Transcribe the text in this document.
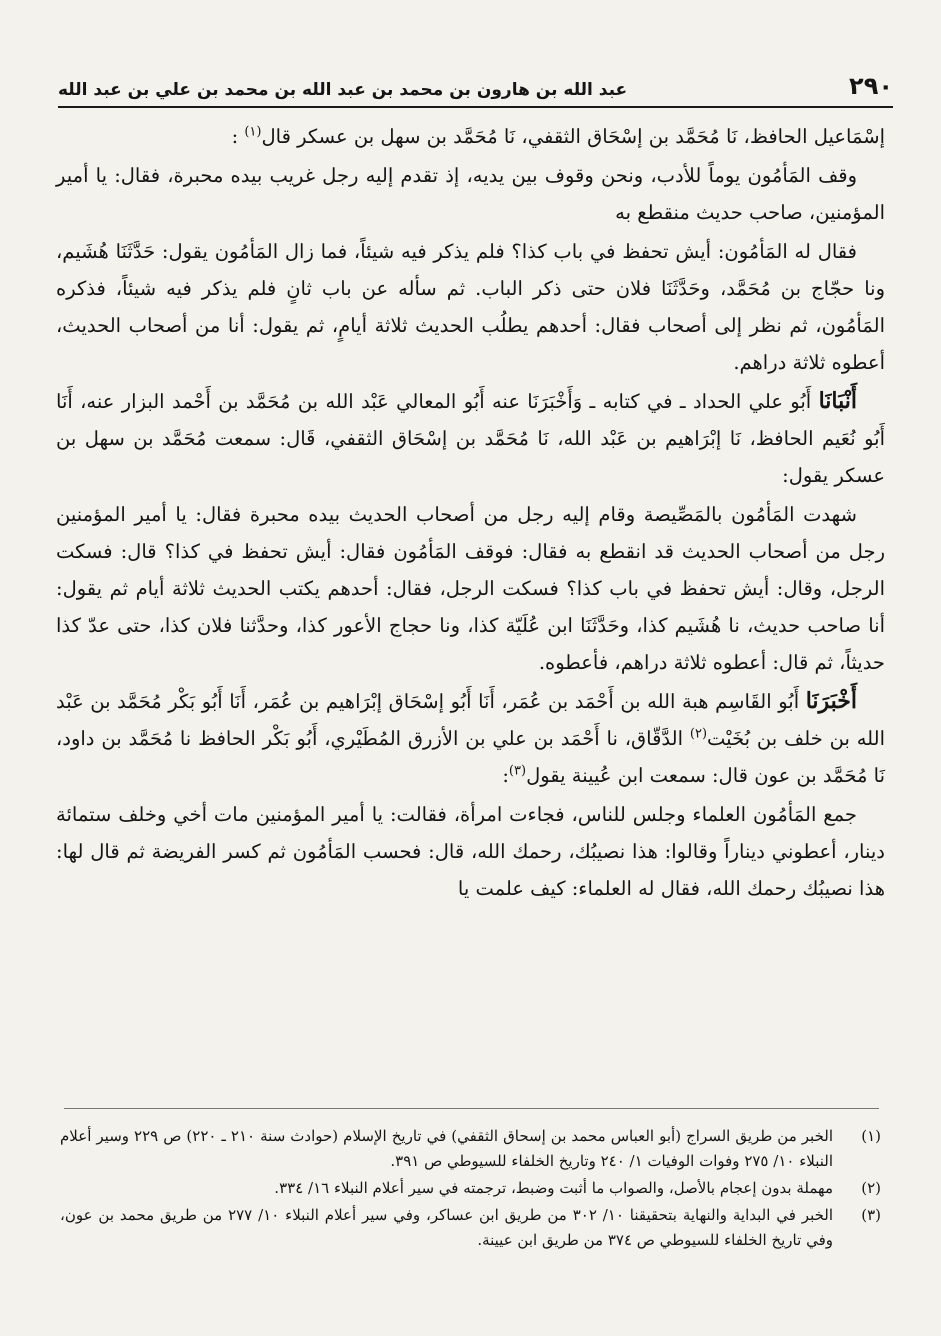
٢٩٠
عبد الله بن هارون بن محمد بن عبد الله بن محمد بن علي بن عبد الله

إسْمَاعيل الحافظ، نَا مُحَمَّد بن إسْحَاق الثقفي، نَا مُحَمَّد بن سهل بن عسكر قال$^{(١)}$ :

وقف المَأمُون يوماً للأدب، ونحن وقوف بين يديه، إذ تقدم إليه رجل غريب بيده محبرة، فقال: يا أمير المؤمنين، صاحب حديث منقطع به

فقال له المَأمُون: أيش تحفظ في باب كذا؟ فلم يذكر فيه شيئاً، فما زال المَأمُون يقول: حَدَّثَنَا هُشَيم، ونا حجّاج بن مُحَمَّد، وحَدَّثَنَا فلان حتى ذكر الباب. ثم سأله عن باب ثانٍ فلم يذكر فيه شيئاً، فذكره المَأمُون، ثم نظر إلى أصحاب فقال: أحدهم يطلُب الحديث ثلاثة أيامٍ، ثم يقول: أنا من أصحاب الحديث، أعطوه ثلاثة دراهم.

أَنْبَانَا أَبُو علي الحداد ـ في كتابه ـ وَأَخْبَرَنَا عنه أَبُو المعالي عَبْد الله بن مُحَمَّد بن أَحْمد البزار عنه، أَنَا أَبُو نُعَيم الحافظ، نَا إبْرَاهيم بن عَبْد الله، نَا مُحَمَّد بن إسْحَاق الثقفي، قَال: سمعت مُحَمَّد بن سهل بن عسكر يقول:

شهدت المَأمُون بالمَصِّيصة وقام إليه رجل من أصحاب الحديث بيده محبرة فقال: يا أمير المؤمنين رجل من أصحاب الحديث قد انقطع به فقال: فوقف المَأمُون فقال: أيش تحفظ في كذا؟ قال: فسكت الرجل، وقال: أيش تحفظ في باب كذا؟ فسكت الرجل، فقال: أحدهم يكتب الحديث ثلاثة أيام ثم يقول: أنا صاحب حديث، نا هُشَيم كذا، وحَدَّثَنَا ابن عُلَيّة كذا، ونا حجاج الأعور كذا، وحدَّثنا فلان كذا، حتى عدّ كذا حديثاً، ثم قال: أعطوه ثلاثة دراهم، فأعطوه.

أَخْبَرَنَا أَبُو القَاسِم هبة الله بن أَحْمَد بن عُمَر، أَنَا أَبُو إسْحَاق إبْرَاهيم بن عُمَر، أَنَا أَبُو بَكْر مُحَمَّد بن عَبْد الله بن خلف بن بُخَيْت$^{(٢)}$ الدَّقّاق، نا أَحْمَد بن علي بن الأزرق المُطَيْري، أَبُو بَكْر الحافظ نا مُحَمَّد بن داود، نَا مُحَمَّد بن عون قال: سمعت ابن عُيينة يقول$^{(٣)}$:

جمع المَأمُون العلماء وجلس للناس، فجاءت امرأة، فقالت: يا أمير المؤمنين مات أخي وخلف ستمائة دينار، أعطوني ديناراً وقالوا: هذا نصيبُك، رحمك الله، قال: فحسب المَأمُون ثم كسر الفريضة ثم قال لها: هذا نصيبُك رحمك الله، فقال له العلماء: كيف علمت يا

(١)
الخبر من طريق السراج (أبو العباس محمد بن إسحاق الثقفي) في تاريخ الإسلام (حوادث سنة ٢١٠ ـ ٢٢٠) ص ٢٢٩ وسير أعلام النبلاء ١٠/ ٢٧٥ وفوات الوفيات ١/ ٢٤٠ وتاريخ الخلفاء للسيوطي ص ٣٩١.
(٢)
مهملة بدون إعجام بالأصل، والصواب ما أثبت وضبط، ترجمته في سير أعلام النبلاء ١٦/ ٣٣٤.
(٣)
الخبر في البداية والنهاية بتحقيقنا ١٠/ ٣٠٢ من طريق ابن عساكر، وفي سير أعلام النبلاء ١٠/ ٢٧٧ من طريق محمد بن عون، وفي تاريخ الخلفاء للسيوطي ص ٣٧٤ من طريق ابن عيينة.
